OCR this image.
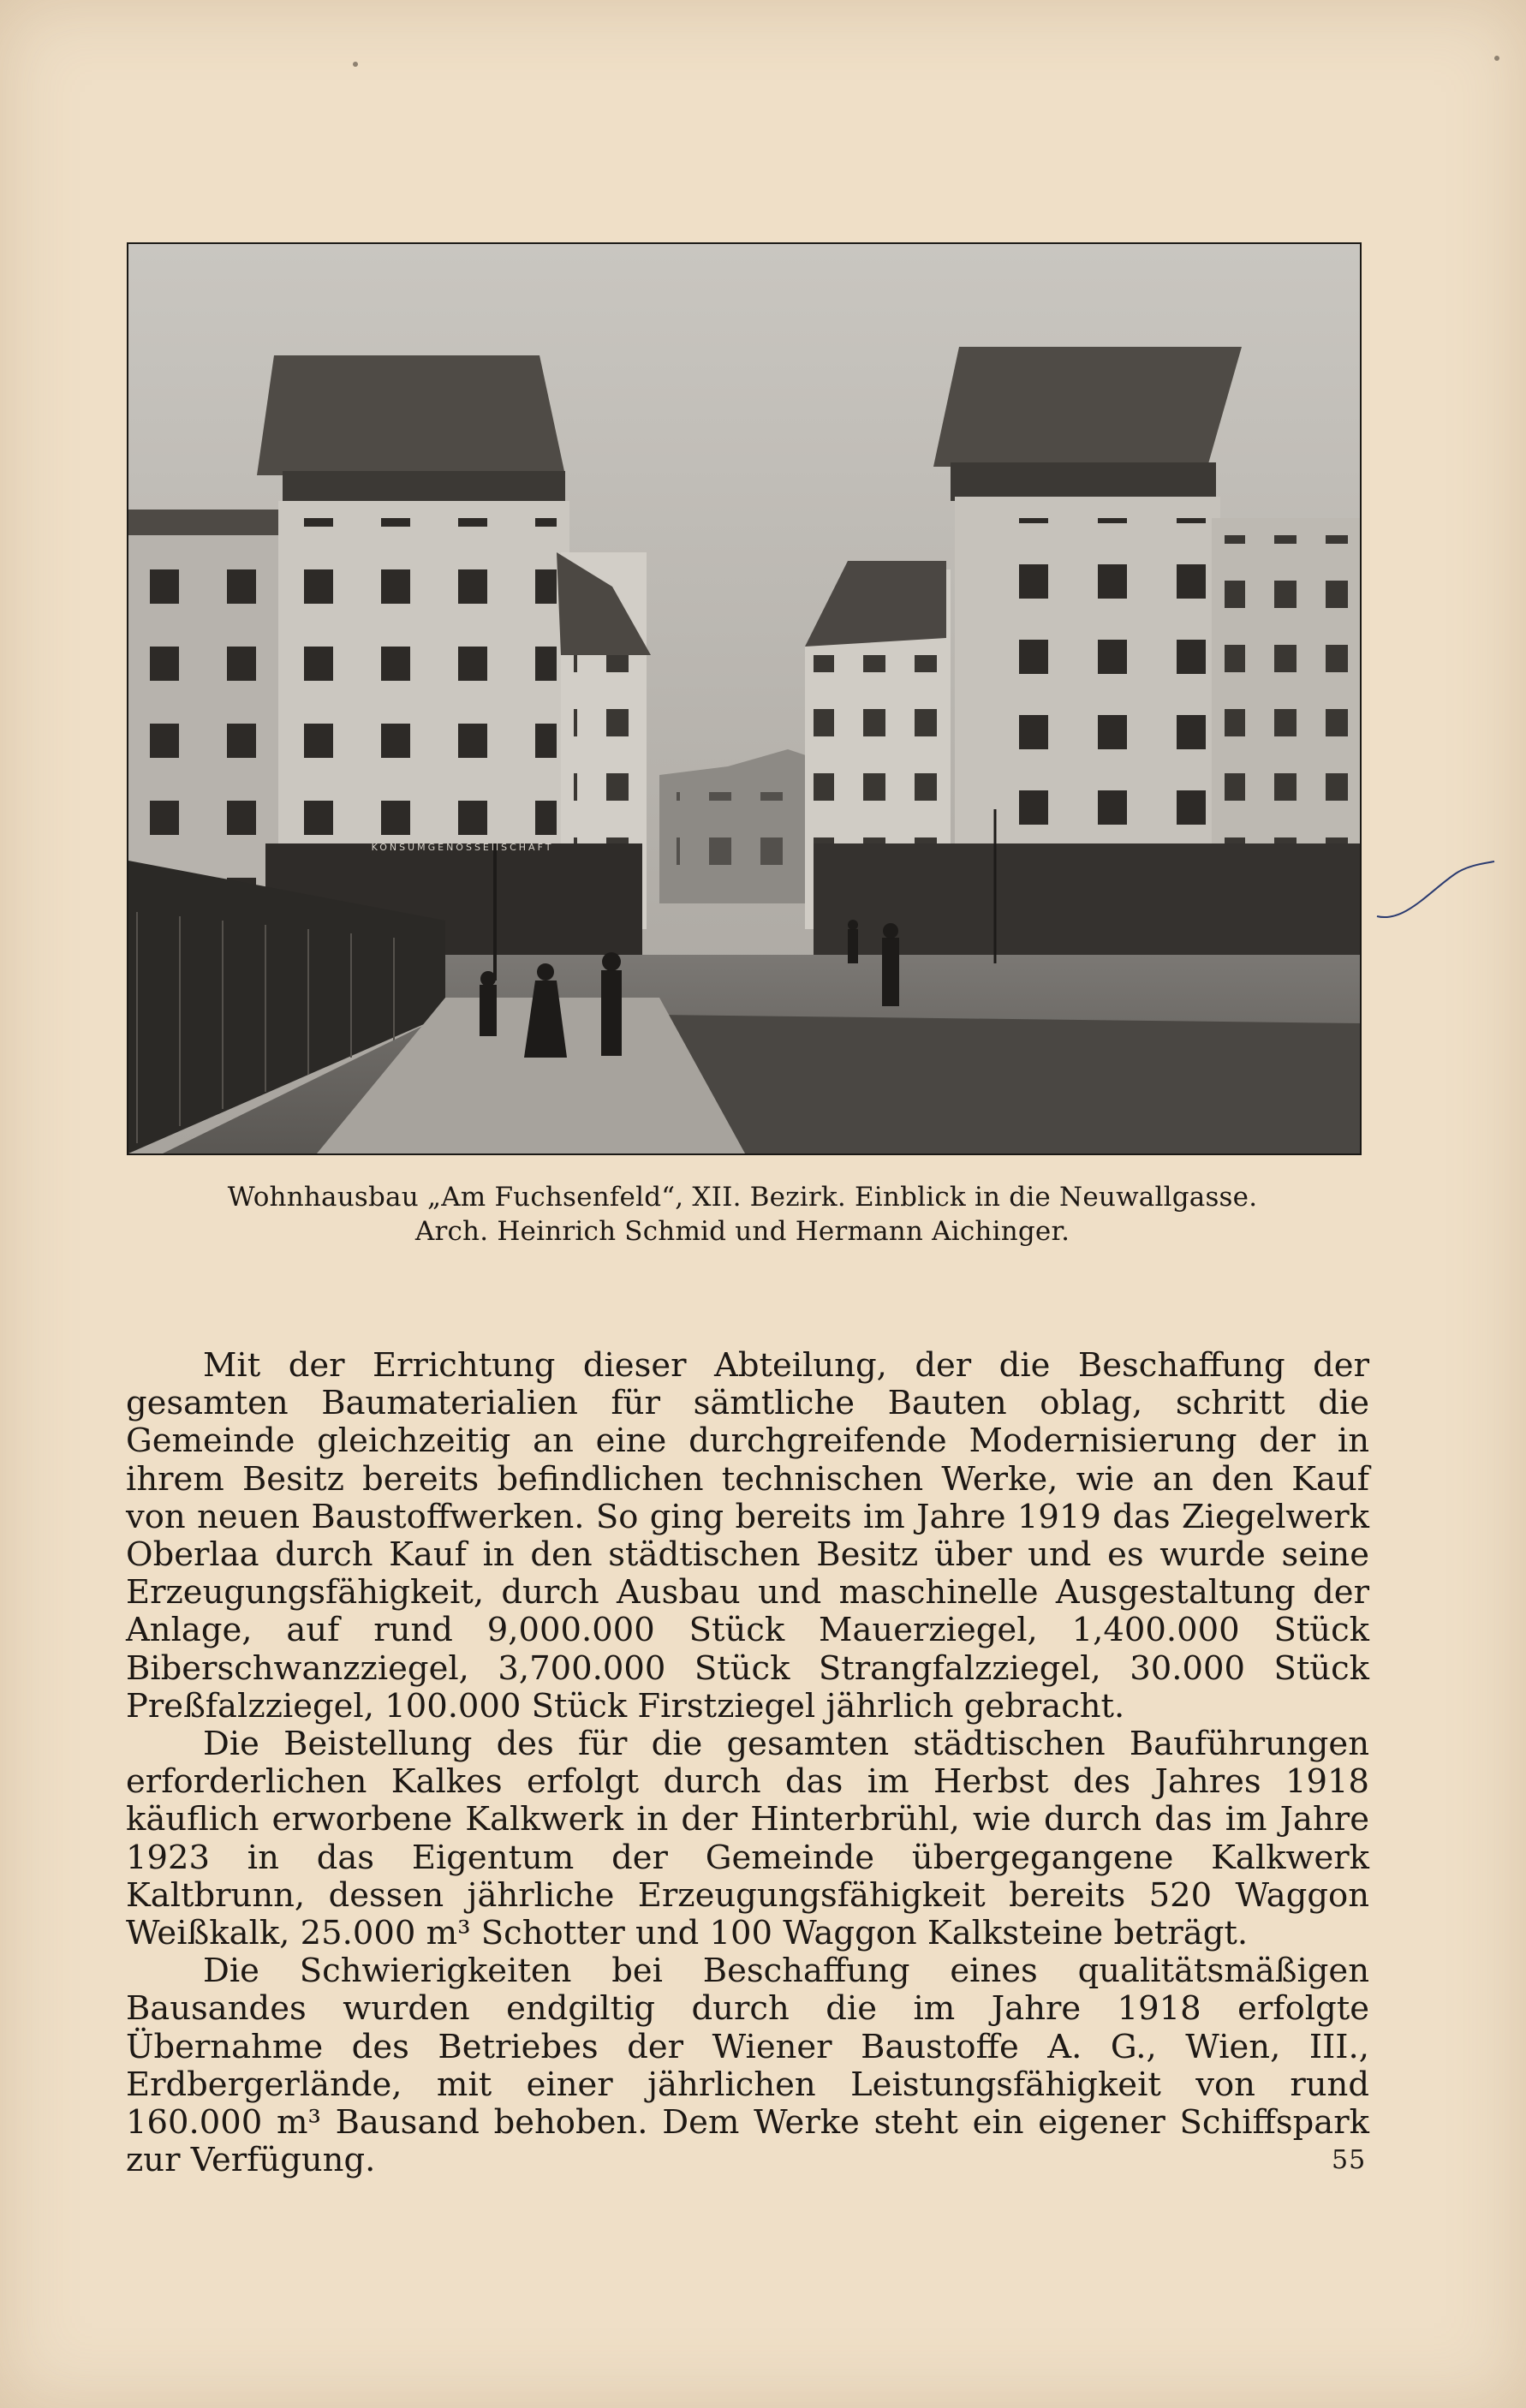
KONSUMGENOSSENSCHAFT
Wohnhausbau „Am Fuchsenfeld“, XII. Bezirk. Einblick in die Neuwallgasse.
Arch. Heinrich Schmid und Hermann Aichinger.

Mit der Errichtung dieser Abteilung, der die Beschaffung der gesamten Baumaterialien für sämtliche Bauten oblag, schritt die Gemeinde gleichzeitig an eine durchgreifende Modernisierung der in ihrem Besitz bereits befindlichen technischen Werke, wie an den Kauf von neuen Baustoffwerken. So ging bereits im Jahre 1919 das Ziegelwerk Oberlaa durch Kauf in den städtischen Besitz über und es wurde seine Erzeugungsfähigkeit, durch Ausbau und maschinelle Ausgestaltung der Anlage, auf rund 9,000.000 Stück Mauerziegel, 1,400.000 Stück Biberschwanzziegel, 3,700.000 Stück Strangfalzziegel, 30.000 Stück Preßfalzziegel, 100.000 Stück Firstziegel jährlich gebracht.

Die Beistellung des für die gesamten städtischen Bauführungen erforderlichen Kalkes erfolgt durch das im Herbst des Jahres 1918 käuflich erworbene Kalkwerk in der Hinterbrühl, wie durch das im Jahre 1923 in das Eigentum der Gemeinde übergegangene Kalkwerk Kaltbrunn, dessen jährliche Erzeugungsfähigkeit bereits 520 Waggon Weißkalk, 25.000 m³ Schotter und 100 Waggon Kalksteine beträgt.

Die Schwierigkeiten bei Beschaffung eines qualitätsmäßigen Bausandes wurden endgiltig durch die im Jahre 1918 erfolgte Übernahme des Betriebes der Wiener Baustoffe A. G., Wien, III., Erdbergerlände, mit einer jährlichen Leistungsfähigkeit von rund 160.000 m³ Bausand behoben. Dem Werke steht ein eigener Schiffspark zur Verfügung.	55
